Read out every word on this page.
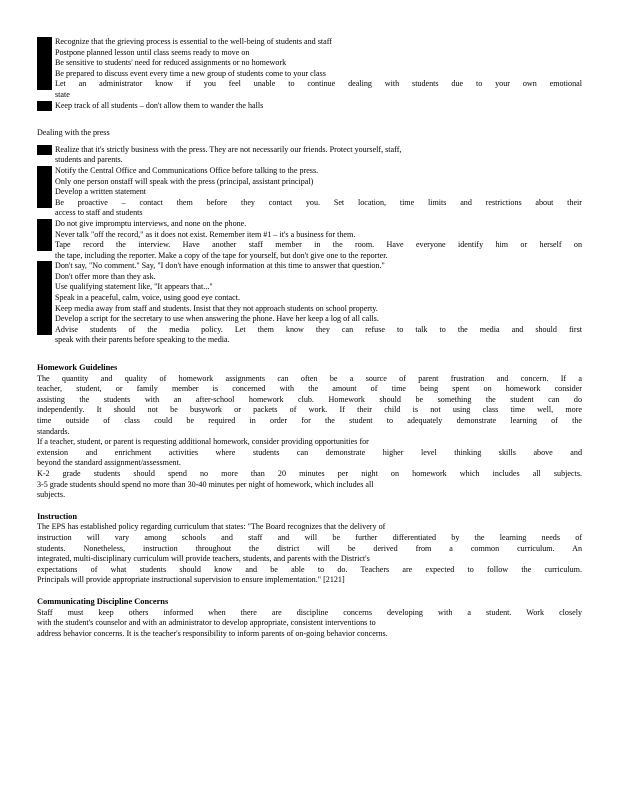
Recognize that the grieving process is essential to the well-being of students and staff
Postpone planned lesson until class seems ready to move on
Be sensitive to students' need for reduced assignments or no homework
Be prepared to discuss event every time a new group of students come to your class
Let an administrator know if you feel unable to continue dealing with students due to your own emotional
state
Keep track of all students – don't allow them to wander the halls
Dealing with the press
Realize that it's strictly business with the press. They are not necessarily our friends. Protect yourself, staff,
students and parents.
Notify the Central Office and Communications Office before talking to the press.
Only one person onstaff will speak with the press (principal, assistant principal)
Develop a written statement
Be proactive – contact them before they contact you. Set location, time limits and restrictions about their
access to staff and students
Do not give impromptu interviews, and none on the phone.
Never talk "off the record," as it does not exist. Remember item #1 – it's a business for them.
Tape record the interview. Have another staff member in the room. Have everyone identify him or herself on
the tape, including the reporter. Make a copy of the tape for yourself, but don't give one to the reporter.
Don't say, "No comment." Say, "I don't have enough information at this time to answer that question."
Don't offer more than they ask.
Use qualifying statement like, "It appears that..."
Speak in a peaceful, calm, voice, using good eye contact.
Keep media away from staff and students. Insist that they not approach students on school property.
Develop a script for the secretary to use when answering the phone. Have her keep a log of all calls.
Advise students of the media policy. Let them know they can refuse to talk to the media and should first
speak with their parents before speaking to the media.
Homework Guidelines
The quantity and quality of homework assignments can often be a source of parent frustration and concern. If a
teacher, student, or family member is concerned with the amount of time being spent on homework consider
assisting the students with an after-school homework club. Homework should be something the student can do
independently. It should not be busywork or packets of work. If their child is not using class time well, more
time outside of class could be required in order for the student to adequately demonstrate learning of the
standards.
If a teacher, student, or parent is requesting additional homework, consider providing opportunities for
extension and enrichment activities where students can demonstrate higher level thinking skills above and
beyond the standard assignment/assessment.
K-2 grade students should spend no more than 20 minutes per night on homework which includes all subjects.
3-5 grade students should spend no more than 30-40 minutes per night of homework, which includes all
subjects.
Instruction
The EPS has established policy regarding curriculum that states: "The Board recognizes that the delivery of
instruction will vary among schools and staff and will be further differentiated by the learning needs of
students. Nonetheless, instruction throughout the district will be derived from a common curriculum. An
integrated, multi-disciplinary curriculum will provide teachers, students, and parents with the District's
expectations of what students should know and be able to do. Teachers are expected to follow the curriculum.
Principals will provide appropriate instructional supervision to ensure implementation." [2121]
Communicating Discipline Concerns
Staff must keep others informed when there are discipline concerns developing with a student. Work closely
with the student's counselor and with an administrator to develop appropriate, consistent interventions to
address behavior concerns. It is the teacher's responsibility to inform parents of on-going behavior concerns.
